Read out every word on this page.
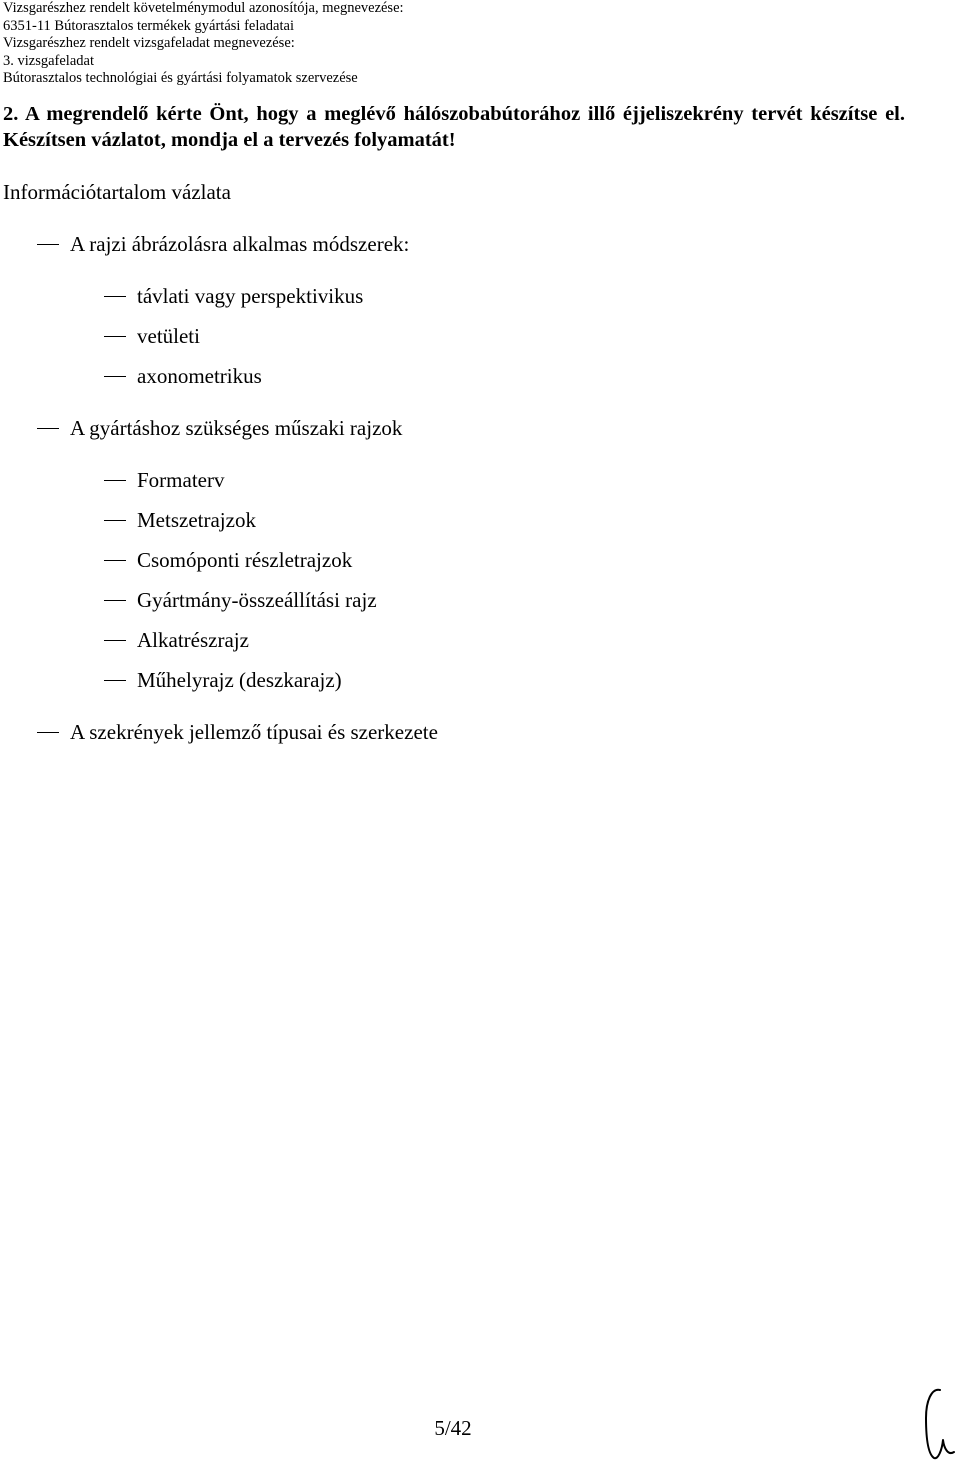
Vizsgarészhez rendelt követelménymodul azonosítója, megnevezése:
6351-11 Bútorasztalos termékek gyártási feladatai
Vizsgarészhez rendelt vizsgafeladat megnevezése:
3. vizsgafeladat
Bútorasztalos technológiai és gyártási folyamatok szervezése
2. A megrendelő kérte Önt, hogy a meglévő hálószobabútorához illő éjjeliszekrény tervét készítse el. Készítsen vázlatot, mondja el a tervezés folyamatát!
Információtartalom vázlata
A rajzi ábrázolásra alkalmas módszerek:
távlati vagy perspektivikus
vetületi
axonometrikus
A gyártáshoz szükséges műszaki rajzok
Formaterv
Metszetrajzok
Csomóponti részletrajzok
Gyártmány-összeállítási rajz
Alkatrészrajz
Műhelyrajz (deszkarajz)
A szekrények jellemző típusai és szerkezete
5/42
